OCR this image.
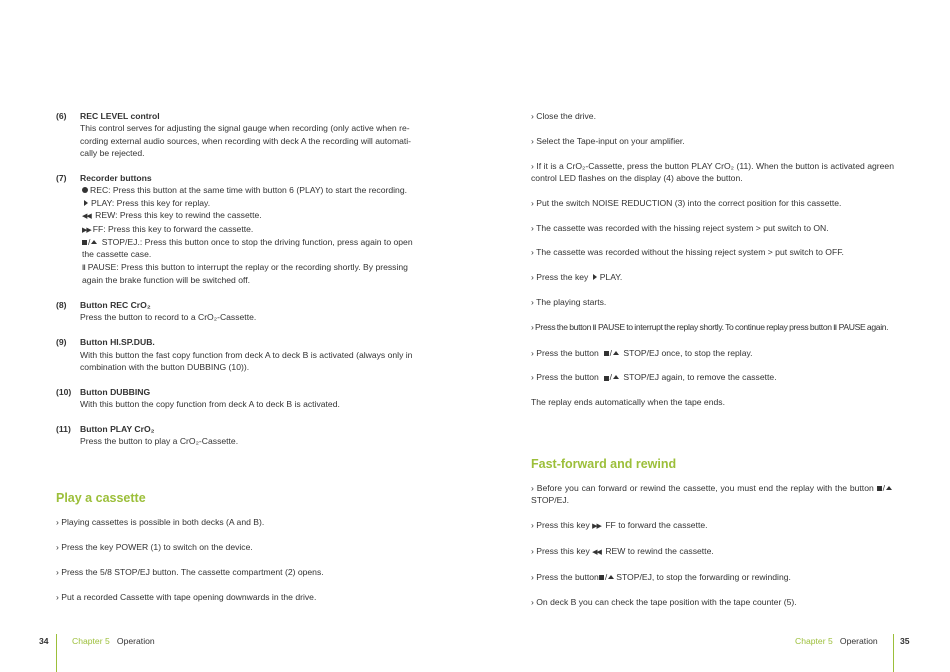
(6) REC LEVEL control
This control serves for adjusting the signal gauge when recording (only active when re-
cording external audio sources, when recording with deck A the recording will automati-
cally be rejected.
(7) Recorder buttons
REC: Press this button at the same time with button 6 (PLAY) to start the recording.
PLAY: Press this key for replay.
◀◀ REW: Press this key to rewind the cassette.
▶▶ FF: Press this key to forward the cassette.
/ STOP/EJ.: Press this button once to stop the driving function, press again to open
the cassette case.
ǁ PAUSE: Press this button to interrupt the replay or the recording shortly. By pressing
again the brake function will be switched off.
(8) Button REC CrO₂
Press the button to record to a CrO₂-Cassette.
(9) Button HI.SP.DUB.
With this button the fast copy function from deck A to deck B is activated (always only in
combination with the button DUBBING (10)).
(10) Button DUBBING
With this button the copy function from deck A to deck B is activated.
(11) Button PLAY CrO₂
Press the button to play a CrO₂-Cassette.
Play a cassette
› Playing cassettes is possible in both decks (A and B).
› Press the key POWER (1) to switch on the device.
› Press the 5/8 STOP/EJ button. The cassette compartment (2) opens.
› Put a recorded Cassette with tape opening downwards in the drive.
› Close the drive.
› Select the Tape-input on your amplifier.
› If it is a CrO₂-Cassette, press the button PLAY CrO₂ (11). When the button is activated agreen control LED flashes on the display (4) above the button.
› Put the switch NOISE REDUCTION (3) into the correct position for this cassette.
› The cassette was recorded with the hissing reject system > put switch to ON.
› The cassette was recorded without the hissing reject system > put switch to OFF.
› Press the key PLAY.
› The playing starts.
› Press the button ǁ PAUSE to interrupt the replay shortly. To continue replay press button ǁ PAUSE again.
› Press the button / STOP/EJ once, to stop the replay.
› Press the button / STOP/EJ again, to remove the cassette.
The replay ends automatically when the tape ends.
Fast-forward and rewind
› Before you can forward or rewind the cassette, you must end the replay with the button /STOP/EJ.
› Press this key ▶▶ FF to forward the cassette.
› Press this key ◀◀ REW to rewind the cassette.
› Press the button / STOP/EJ, to stop the forwarding or rewinding.
› On deck B you can check the tape position with the tape counter (5).
34	Chapter 5 Operation	Chapter 5 Operation	35
